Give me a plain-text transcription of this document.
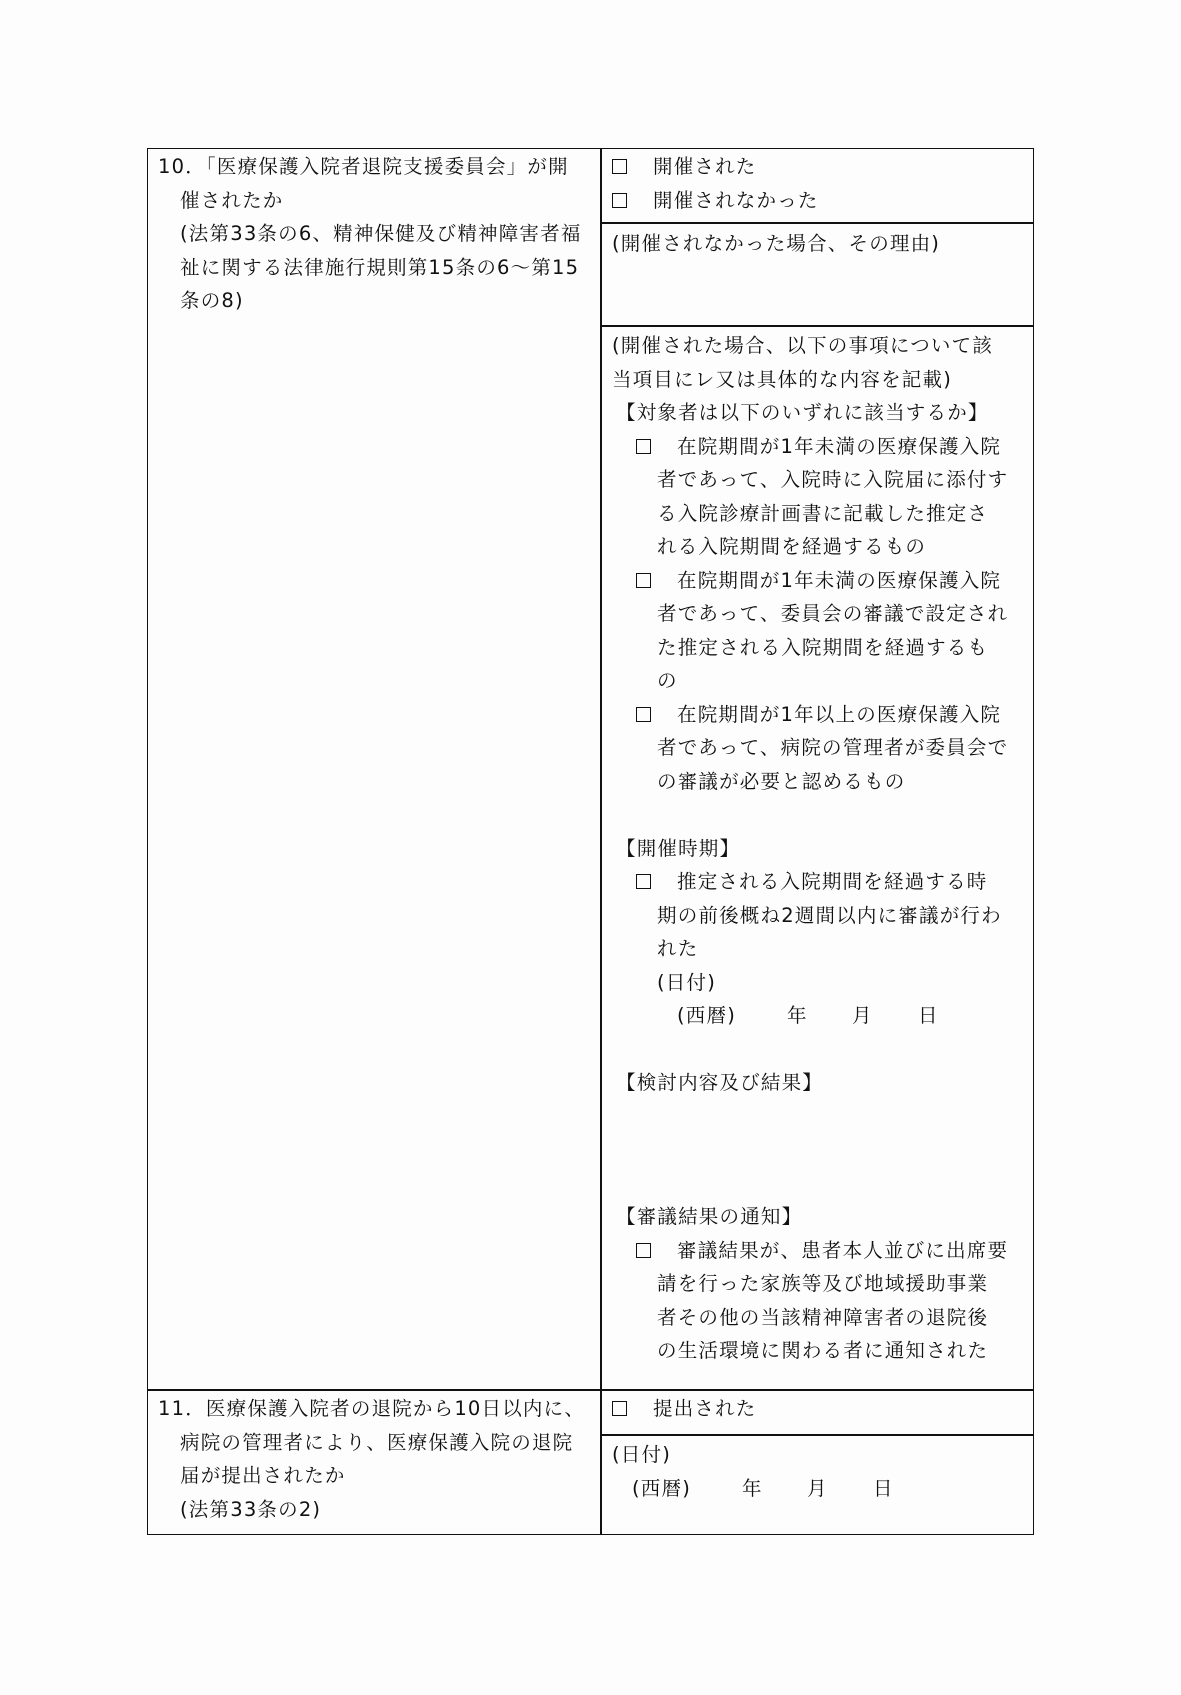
10．「医療保護入院者退院支援委員会」が開
催されたか
(法第33条の6、精神保健及び精神障害者福
祉に関する法律施行規則第15条の6～第15
条の8)
開催された
開催されなかった
(開催されなかった場合、その理由)
(開催された場合、以下の事項について該
当項目にレ又は具体的な内容を記載)
【対象者は以下のいずれに該当するか】
在院期間が1年未満の医療保護入院
者であって、入院時に入院届に添付す
る入院診療計画書に記載した推定さ
れる入院期間を経過するもの
在院期間が1年未満の医療保護入院
者であって、委員会の審議で設定され
た推定される入院期間を経過するも
の
在院期間が1年以上の医療保護入院
者であって、病院の管理者が委員会で
の審議が必要と認めるもの
【開催時期】
推定される入院期間を経過する時
期の前後概ね2週間以内に審議が行わ
れた
(日付)
(西暦)	年 月 日
【検討内容及び結果】
【審議結果の通知】
審議結果が、患者本人並びに出席要
請を行った家族等及び地域援助事業
者その他の当該精神障害者の退院後
の生活環境に関わる者に通知された
11．医療保護入院者の退院から10日以内に、
病院の管理者により、医療保護入院の退院
届が提出されたか
(法第33条の2)
提出された
(日付)
(西暦)	年 月 日
